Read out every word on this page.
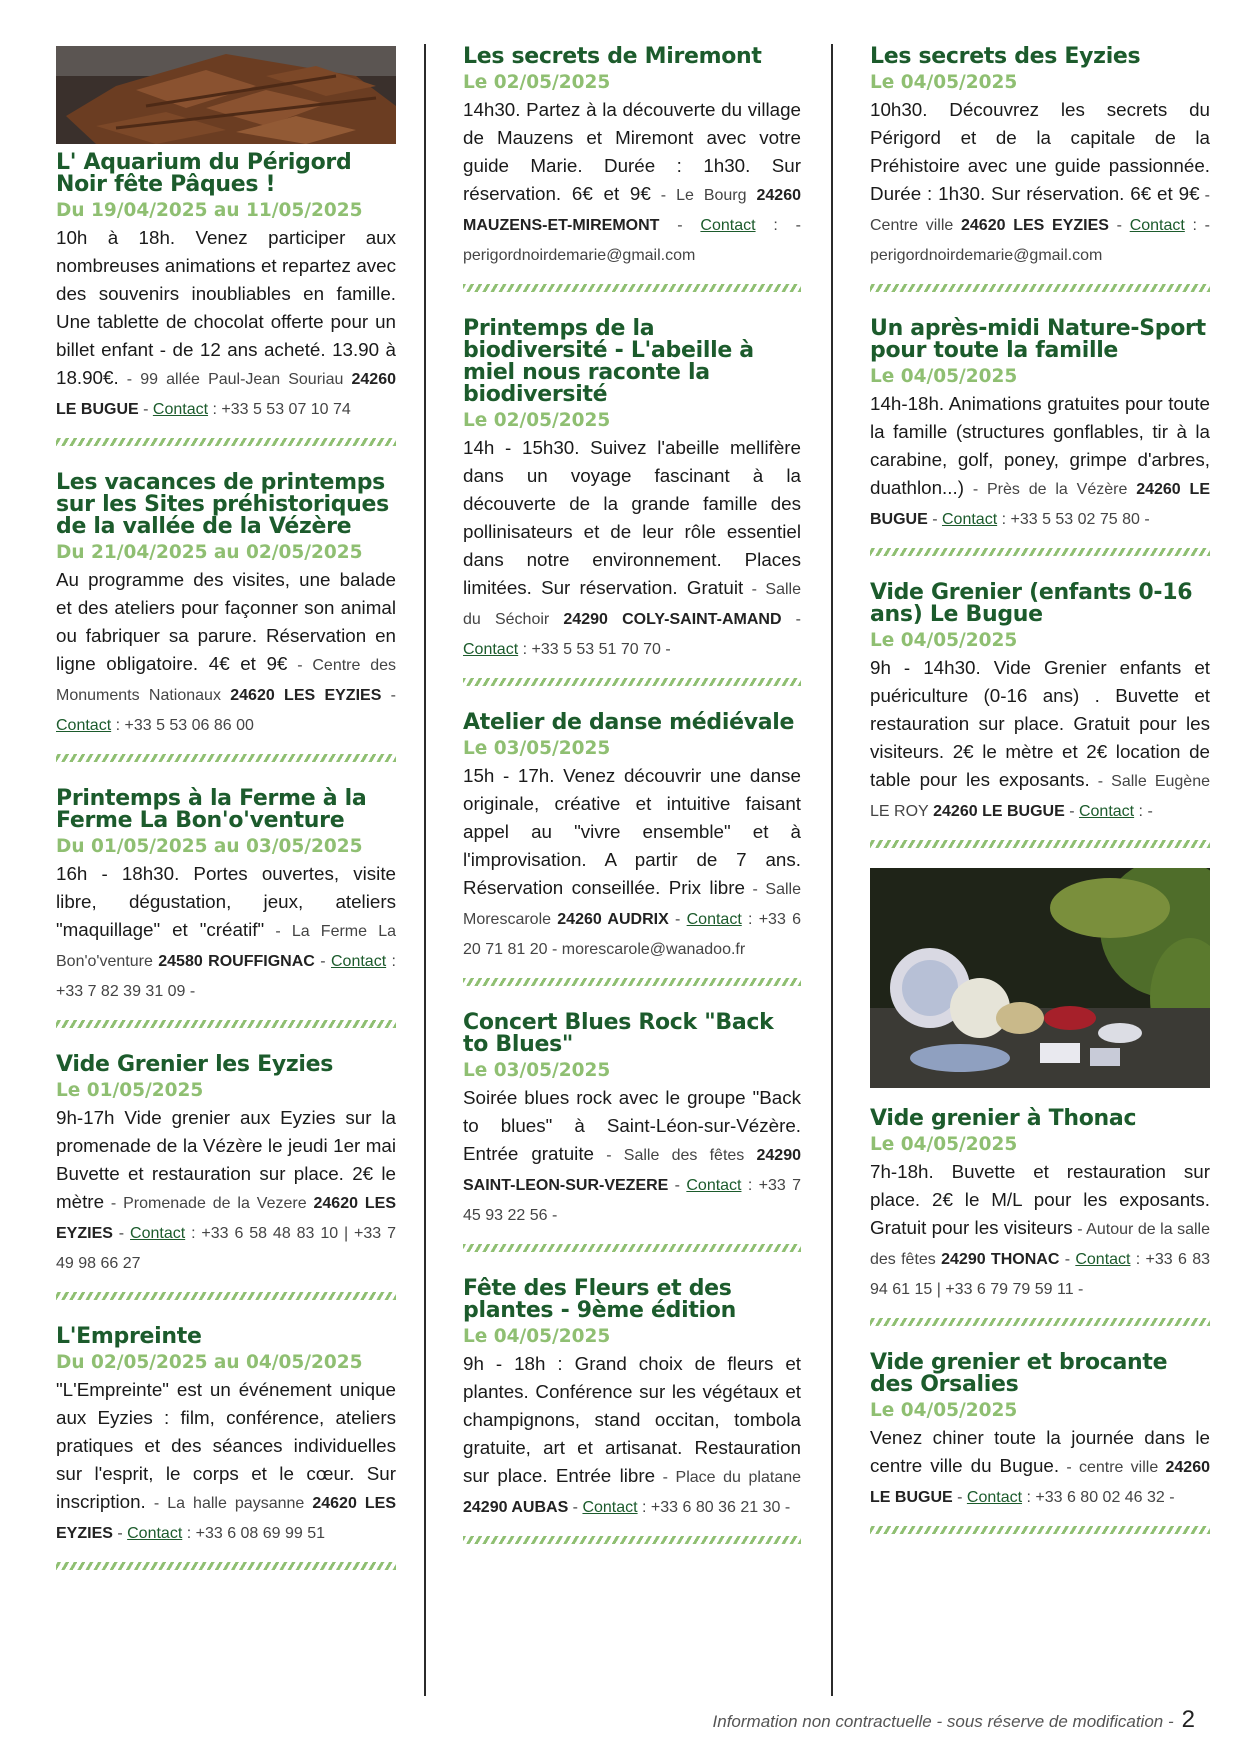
L' Aquarium du Périgord Noir fête Pâques !
Du 19/04/2025 au 11/05/2025

10h à 18h. Venez participer aux nombreuses animations et repartez avec des souvenirs inoubliables en famille. Une tablette de chocolat offerte pour un billet enfant - de 12 ans acheté. 13.90 à 18.90€. - 99 allée Paul-Jean Souriau 24260 LE BUGUE - Contact : +33 5 53 07 10 74

Les vacances de printemps sur les Sites préhistoriques de la vallée de la Vézère
Du 21/04/2025 au 02/05/2025

Au programme des visites, une balade et des ateliers pour façonner son animal ou fabriquer sa parure. Réservation en ligne obligatoire. 4€ et 9€ - Centre des Monuments Nationaux 24620 LES EYZIES - Contact : +33 5 53 06 86 00

Printemps à la Ferme à la Ferme La Bon'o'venture
Du 01/05/2025 au 03/05/2025

16h - 18h30. Portes ouvertes, visite libre, dégustation, jeux, ateliers "maquillage" et "créatif" - La Ferme La Bon'o'venture 24580 ROUFFIGNAC - Contact : +33 7 82 39 31 09 -

Vide Grenier les Eyzies
Le 01/05/2025

9h-17h Vide grenier aux Eyzies sur la promenade de la Vézère le jeudi 1er mai Buvette et restauration sur place. 2€ le mètre - Promenade de la Vezere 24620 LES EYZIES - Contact : +33 6 58 48 83 10 | +33 7 49 98 66 27

L'Empreinte
Du 02/05/2025 au 04/05/2025

"L'Empreinte" est un événement unique aux Eyzies : film, conférence, ateliers pratiques et des séances individuelles sur l'esprit, le corps et le cœur. Sur inscription. - La halle paysanne 24620 LES EYZIES - Contact : +33 6 08 69 99 51

Les secrets de Miremont
Le 02/05/2025

14h30. Partez à la découverte du village de Mauzens et Miremont avec votre guide Marie. Durée : 1h30. Sur réservation. 6€ et 9€ - Le Bourg 24260 MAUZENS-ET-MIREMONT - Contact : - perigordnoirdemarie@gmail.com

Printemps de la biodiversité - L'abeille à miel nous raconte la biodiversité
Le 02/05/2025

14h - 15h30. Suivez l'abeille mellifère dans un voyage fascinant à la découverte de la grande famille des pollinisateurs et de leur rôle essentiel dans notre environnement. Places limitées. Sur réservation. Gratuit - Salle du Séchoir 24290 COLY-SAINT-AMAND - Contact : +33 5 53 51 70 70 -

Atelier de danse médiévale
Le 03/05/2025

15h - 17h. Venez découvrir une danse originale, créative et intuitive faisant appel au "vivre ensemble" et à l'improvisation. A partir de 7 ans. Réservation conseillée. Prix libre - Salle Morescarole 24260 AUDRIX - Contact : +33 6 20 71 81 20 - morescarole@wanadoo.fr

Concert Blues Rock "Back to Blues"
Le 03/05/2025

Soirée blues rock avec le groupe "Back to blues" à Saint-Léon-sur-Vézère. Entrée gratuite - Salle des fêtes 24290 SAINT-LEON-SUR-VEZERE - Contact : +33 7 45 93 22 56 -

Fête des Fleurs et des plantes - 9ème édition
Le 04/05/2025

9h - 18h : Grand choix de fleurs et plantes. Conférence sur les végétaux et champignons, stand occitan, tombola gratuite, art et artisanat. Restauration sur place. Entrée libre - Place du platane 24290 AUBAS - Contact : +33 6 80 36 21 30 -

Les secrets des Eyzies
Le 04/05/2025

10h30. Découvrez les secrets du Périgord et de la capitale de la Préhistoire avec une guide passionnée. Durée : 1h30. Sur réservation. 6€ et 9€ - Centre ville 24620 LES EYZIES - Contact : - perigordnoirdemarie@gmail.com

Un après-midi Nature-Sport pour toute la famille
Le 04/05/2025

14h-18h. Animations gratuites pour toute la famille (structures gonflables, tir à la carabine, golf, poney, grimpe d'arbres, duathlon...) - Près de la Vézère 24260 LE BUGUE - Contact : +33 5 53 02 75 80 -

Vide Grenier (enfants 0-16 ans) Le Bugue
Le 04/05/2025

9h - 14h30. Vide Grenier enfants et puériculture (0-16 ans) . Buvette et restauration sur place. Gratuit pour les visiteurs. 2€ le mètre et 2€ location de table pour les exposants. - Salle Eugène LE ROY 24260 LE BUGUE - Contact : -

Vide grenier à Thonac
Le 04/05/2025

7h-18h. Buvette et restauration sur place. 2€ le M/L pour les exposants. Gratuit pour les visiteurs - Autour de la salle des fêtes 24290 THONAC - Contact : +33 6 83 94 61 15 | +33 6 79 79 59 11 -

Vide grenier et brocante des Orsalies
Le 04/05/2025

Venez chiner toute la journée dans le centre ville du Bugue. - centre ville 24260 LE BUGUE - Contact : +33 6 80 02 46 32 -

Information non contractuelle - sous réserve de modification - 2
